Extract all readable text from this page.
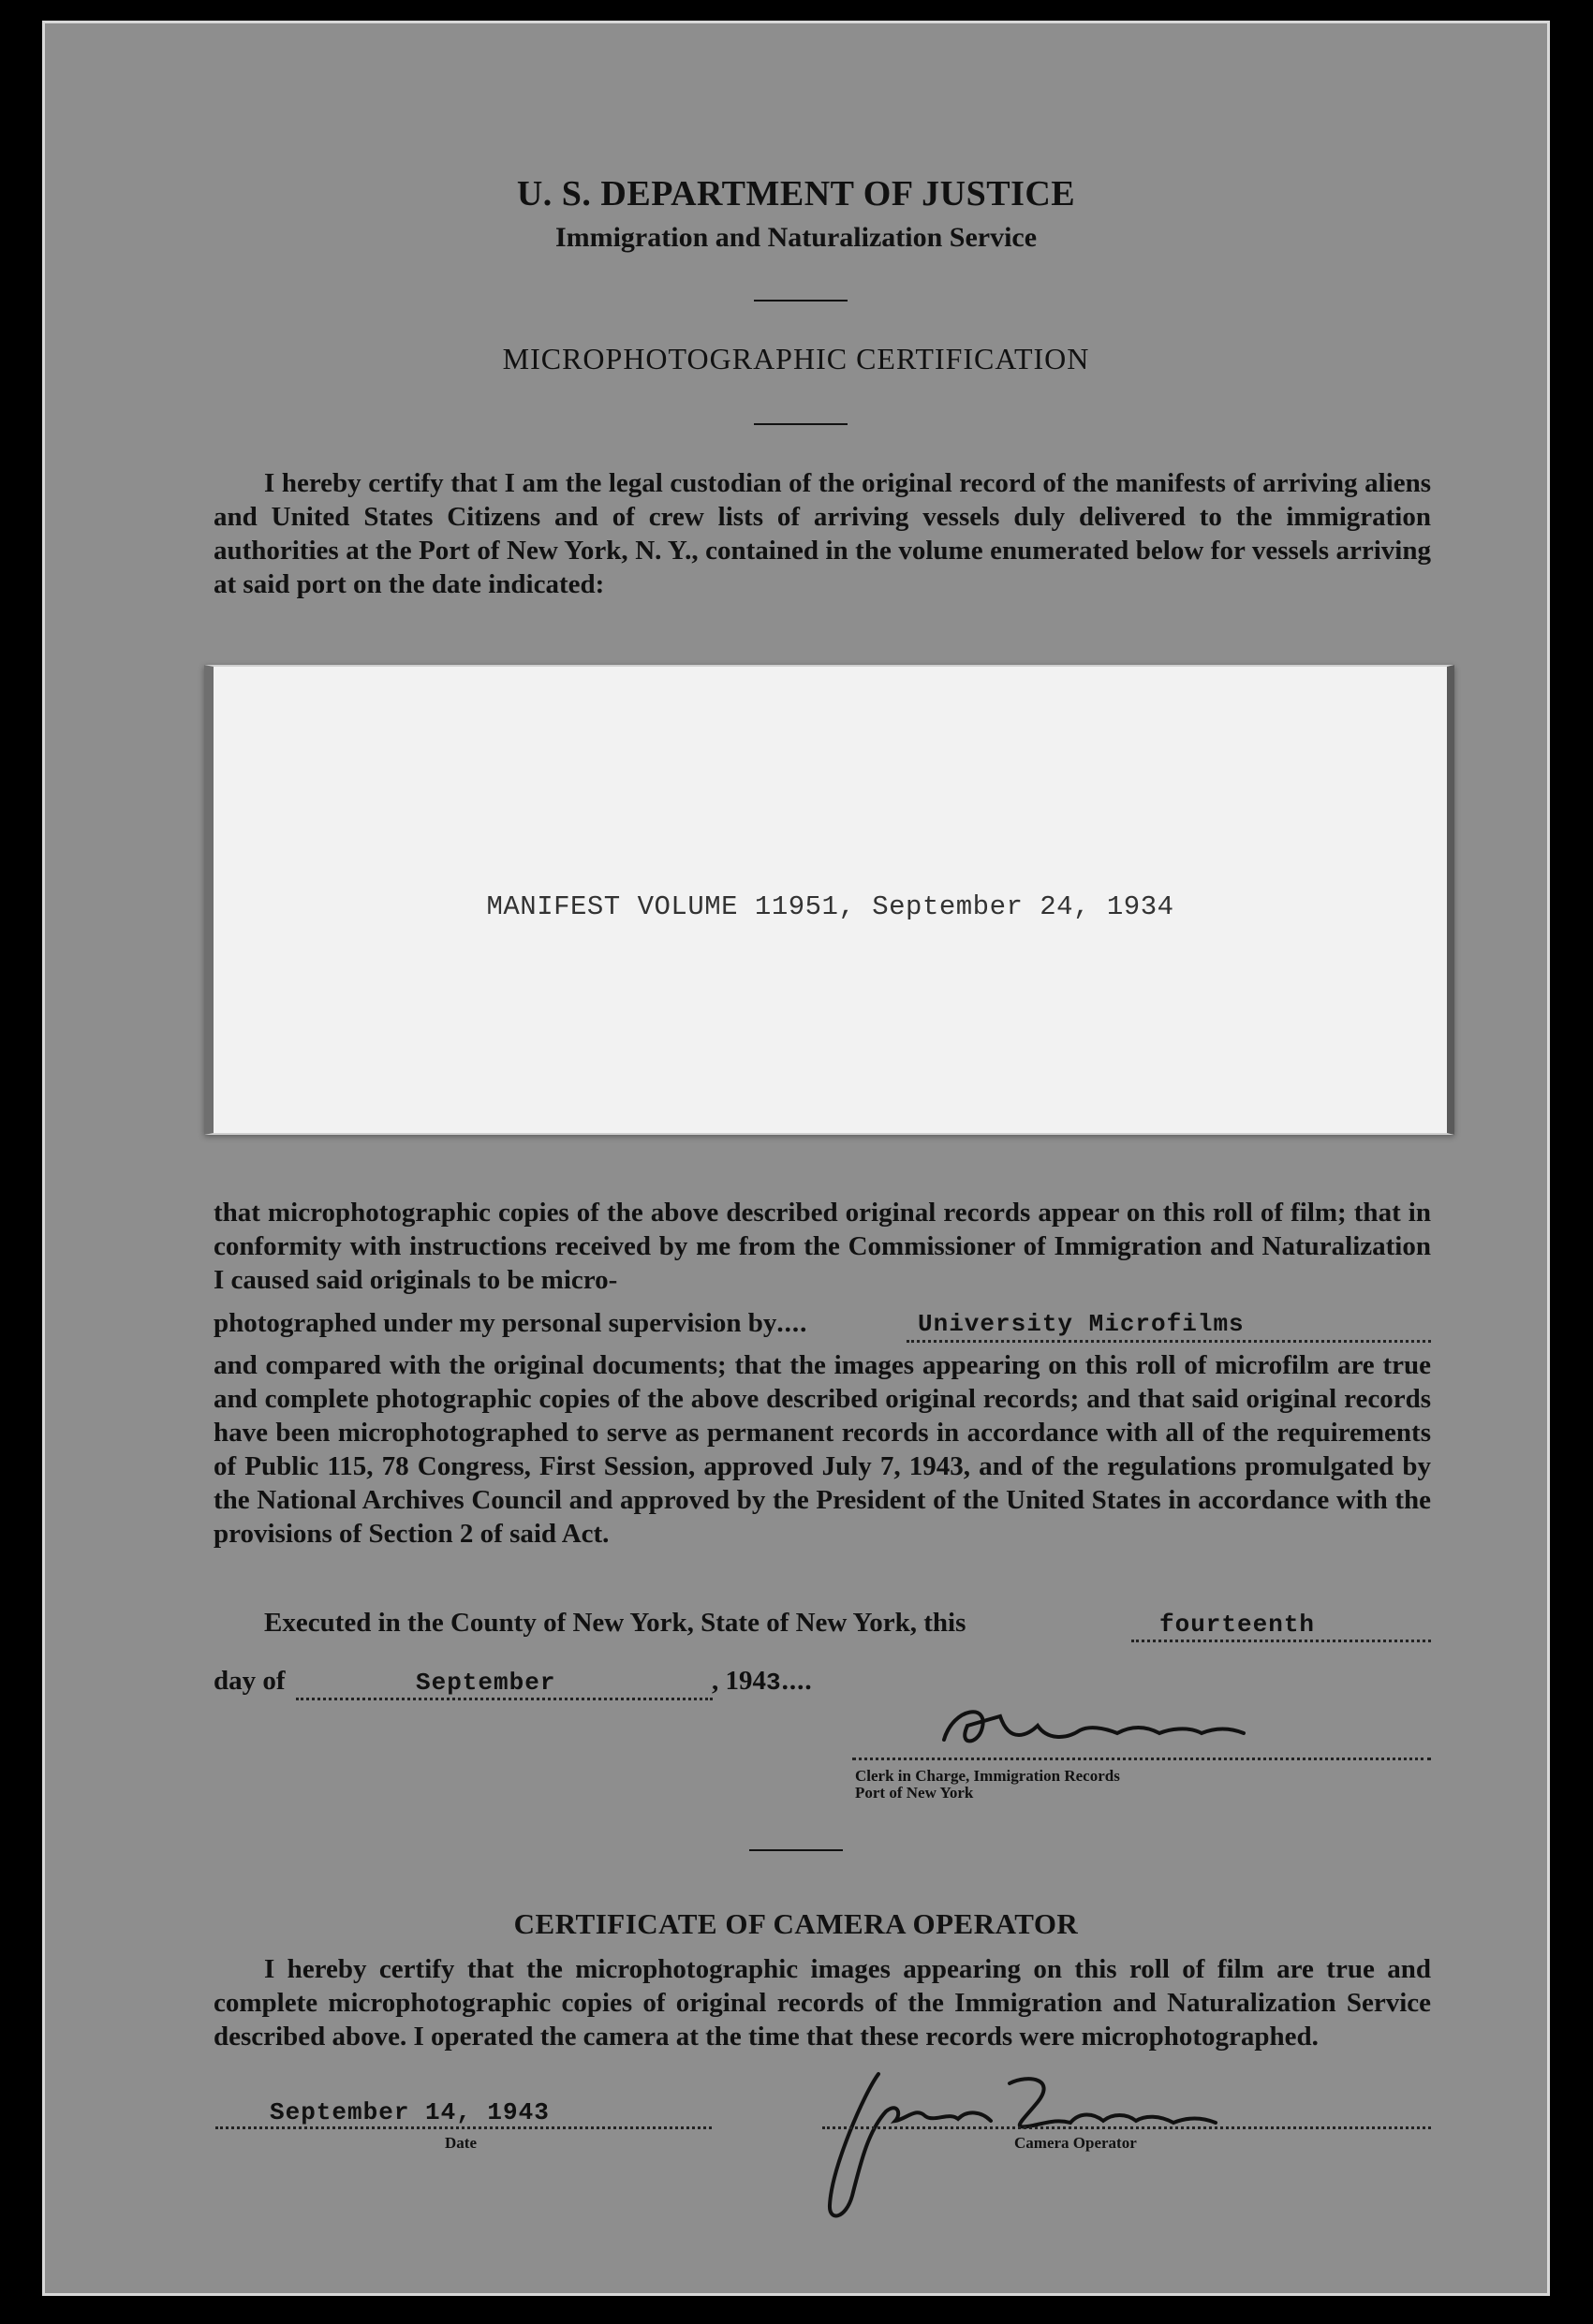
U. S. DEPARTMENT OF JUSTICE
Immigration and Naturalization Service
MICROPHOTOGRAPHIC CERTIFICATION
I hereby certify that I am the legal custodian of the original record of the manifests of arriving aliens and United States Citizens and of crew lists of arriving vessels duly delivered to the immigration authorities at the Port of New York, N. Y., contained in the volume enumerated below for vessels arriving at said port on the date indicated:
MANIFEST VOLUME 11951, September 24, 1934
that microphotographic copies of the above described original records appear on this roll of film; that in conformity with instructions received by me from the Commissioner of Immigration and Naturalization I caused said originals to be micro-
photographed under my personal supervision by....	University Microfilms
and compared with the original documents; that the images appearing on this roll of microfilm are true and complete photographic copies of the above described original records; and that said original records have been microphotographed to serve as permanent records in accordance with all of the requirements of Public 115, 78 Congress, First Session, approved July 7, 1943, and of the regulations promulgated by the National Archives Council and approved by the President of the United States in accordance with the provisions of Section 2 of said Act.
Executed in the County of New York, State of New York, this	fourteenth
day of	September	, 1943....
Clerk in Charge, Immigration Records
Port of New York
CERTIFICATE OF CAMERA OPERATOR
I hereby certify that the microphotographic images appearing on this roll of film are true and complete microphotographic copies of original records of the Immigration and Naturalization Service described above. I operated the camera at the time that these records were microphotographed.
September 14, 1943
Date	Camera Operator
